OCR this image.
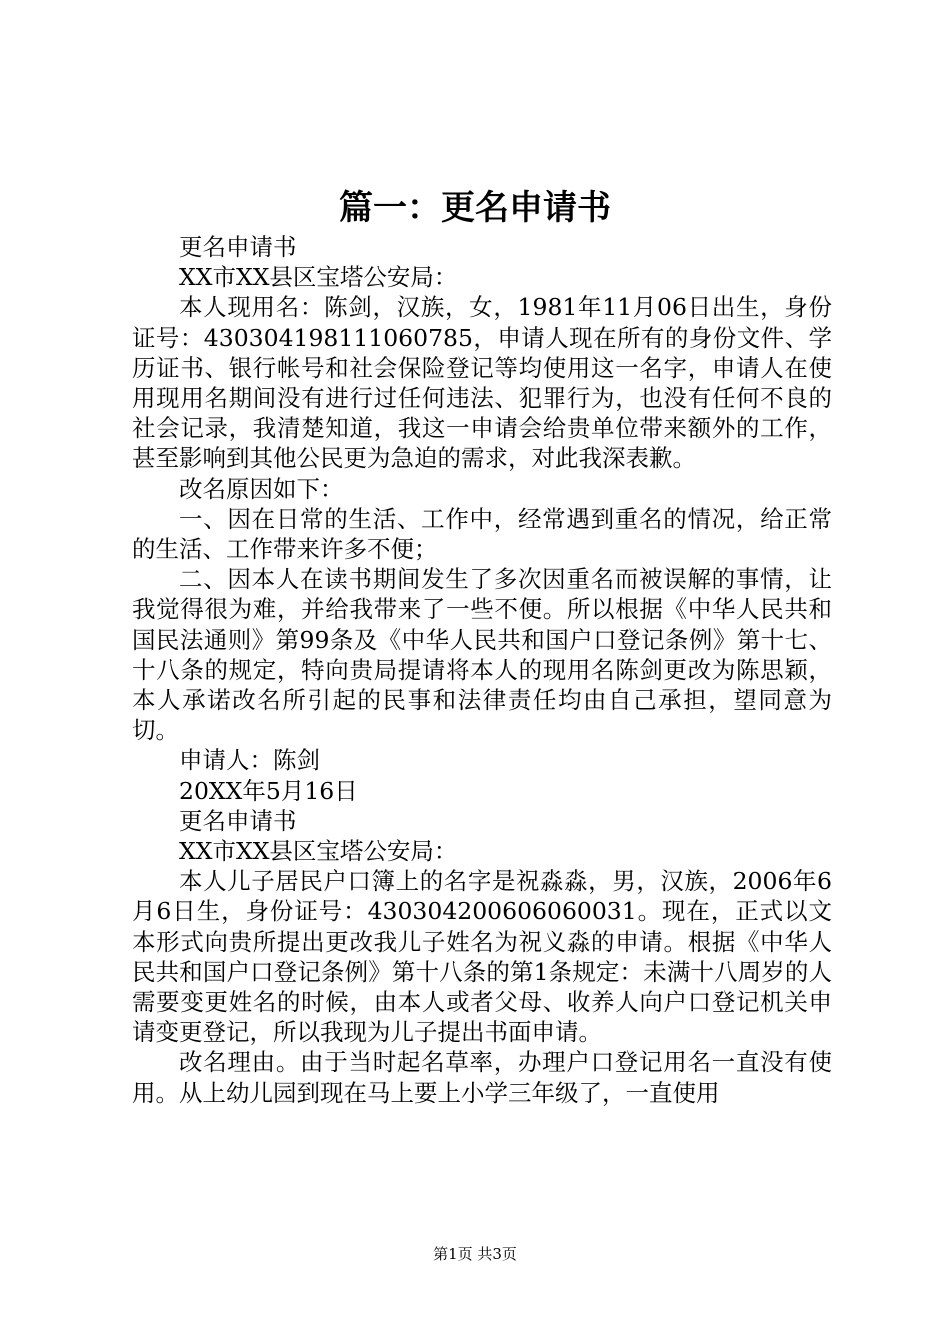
篇一：更名申请书

更名申请书

XX市XX县区宝塔公安局：

本人现用名：陈剑，汉族，女，1981年11月06日出生，身份证号：430304198111060785，申请人现在所有的身份文件、学历证书、银行帐号和社会保险登记等均使用这一名字，申请人在使用现用名期间没有进行过任何违法、犯罪行为，也没有任何不良的社会记录，我清楚知道，我这一申请会给贵单位带来额外的工作，甚至影响到其他公民更为急迫的需求，对此我深表歉。

改名原因如下：

一、因在日常的生活、工作中，经常遇到重名的情况，给正常的生活、工作带来许多不便；

二、因本人在读书期间发生了多次因重名而被误解的事情，让我觉得很为难，并给我带来了一些不便。所以根据《中华人民共和国民法通则》第99条及《中华人民共和国户口登记条例》第十七、十八条的规定，特向贵局提请将本人的现用名陈剑更改为陈思颖，本人承诺改名所引起的民事和法律责任均由自己承担，望同意为切。

申请人：陈剑

20XX年5月16日

更名申请书

XX市XX县区宝塔公安局：

本人儿子居民户口簿上的名字是祝淼淼，男，汉族，2006年6月6日生，身份证号：430304200606060031。现在，正式以文本形式向贵所提出更改我儿子姓名为祝义淼的申请。根据《中华人民共和国户口登记条例》第十八条的第1条规定：未满十八周岁的人需要变更姓名的时候，由本人或者父母、收养人向户口登记机关申请变更登记，所以我现为儿子提出书面申请。

改名理由。由于当时起名草率，办理户口登记用名一直没有使用。从上幼儿园到现在马上要上小学三年级了，一直使用

第1页 共3页
